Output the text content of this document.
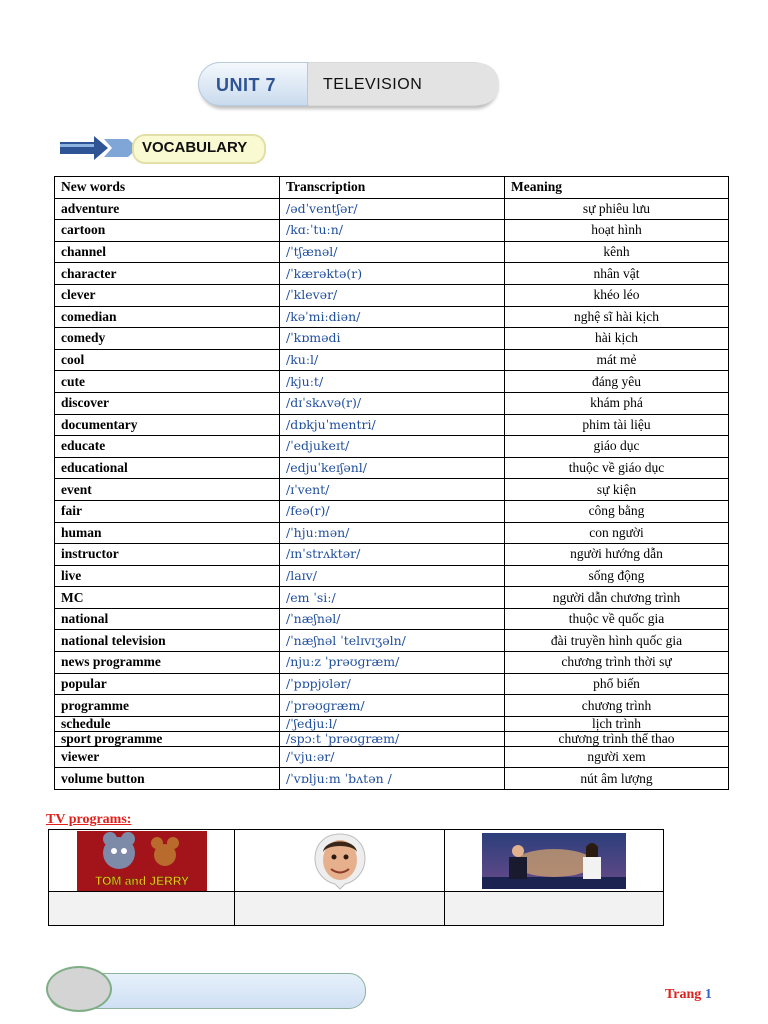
TELEVISION
UNIT 7
VOCABULARY
New words	Transcription	Meaning
adventure	/ədˈventʃər/	sự phiêu lưu
cartoon	/kɑːˈtuːn/	hoạt hình
channel	/ˈtʃænəl/	kênh
character	/ˈkærəktə(r)	nhân vật
clever	/ˈklevər/	khéo léo
comedian	/kəˈmiːdiən/	nghệ sĩ hài kịch
comedy	/ˈkɒmədi	hài kịch
cool	/kuːl/	mát mẻ
cute	/kjuːt/	đáng yêu
discover	/dɪˈskʌvə(r)/	khám phá
documentary	/dɒkjuˈmentri/	phim tài liệu
educate	/ˈedjukeɪt/	giáo dục
educational	/edjuˈkeɪʃənl/	thuộc về giáo dục
event	/ɪˈvent/	sự kiện
fair	/feə(r)/	công bằng
human	/ˈhjuːmən/	con người
instructor	/ɪnˈstrʌktər/	người hướng dẫn
live	/laɪv/	sống động
MC	/em ˈsiː/	người dẫn chương trình
national	/ˈnæʃnəl/	thuộc về quốc gia
national television	/ˈnæʃnəl ˈtelɪvɪʒəln/	đài truyền hình quốc gia
news programme	/njuːz ˈprəʊɡræm/	chương trình thời sự
popular	/ˈpɒpjʊlər/	phổ biến
programme	/ˈprəʊɡræm/	chương trình
schedule	/ˈʃedjuːl/	lịch trình
sport programme	/spɔːt ˈprəʊɡræm/	chương trình thể thao
viewer	/ˈvjuːər/	người xem
volume button	/ˈvɒljuːm ˈbʌtən /	nút âm lượng
TV programs:
TOM and JERRY

Trang 1
